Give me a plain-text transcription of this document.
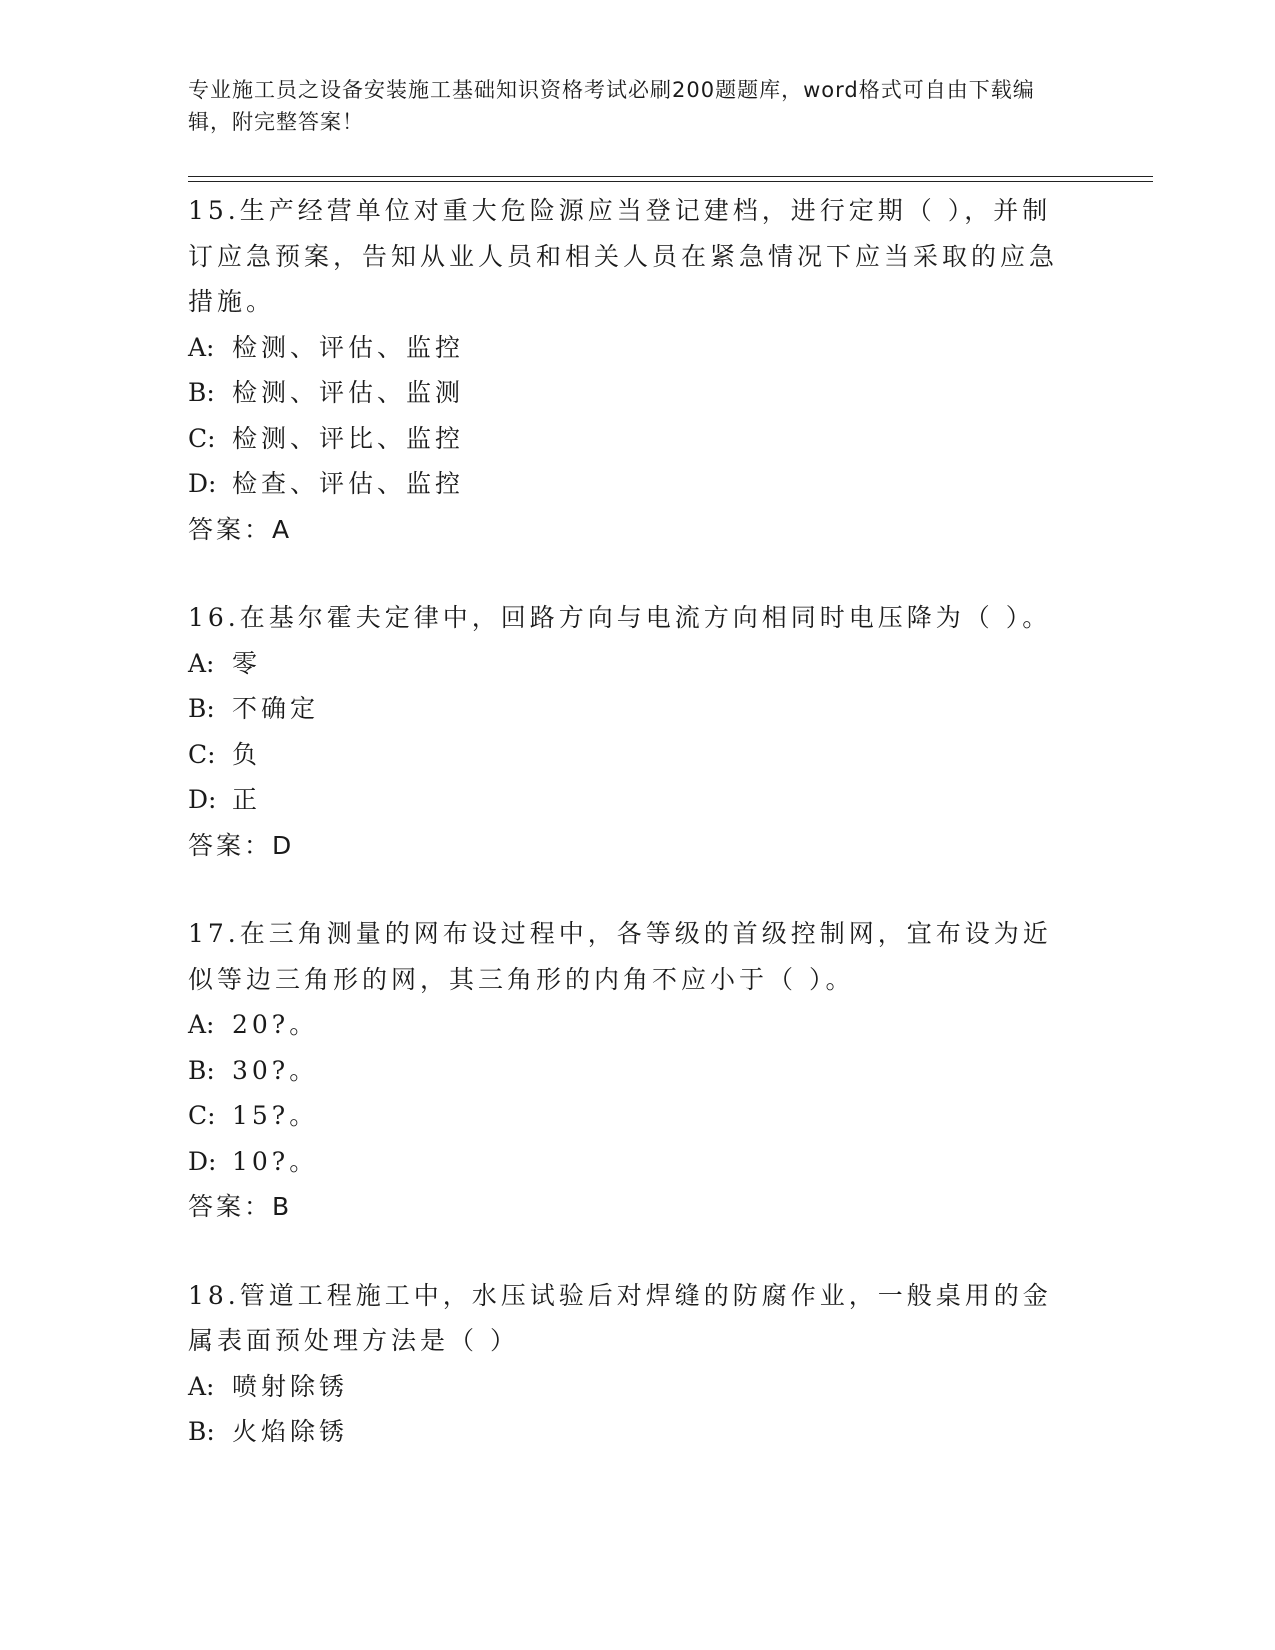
专业施工员之设备安装施工基础知识资格考试必刷200题题库，word格式可自由下载编辑，附完整答案！
15.生产经营单位对重大危险源应当登记建档，进行定期（ ），并制订应急预案，告知从业人员和相关人员在紧急情况下应当采取的应急措施。
A: 检测、评估、监控
B: 检测、评估、监测
C: 检测、评比、监控
D: 检查、评估、监控
答案：A
16.在基尔霍夫定律中，回路方向与电流方向相同时电压降为（ ）。
A: 零
B: 不确定
C: 负
D: 正
答案：D
17.在三角测量的网布设过程中，各等级的首级控制网，宜布设为近似等边三角形的网，其三角形的内角不应小于（ ）。
A: 20?。
B: 30?。
C: 15?。
D: 10?。
答案：B
18.管道工程施工中，水压试验后对焊缝的防腐作业，一般桌用的金属表面预处理方法是（ ）
A: 喷射除锈
B: 火焰除锈
